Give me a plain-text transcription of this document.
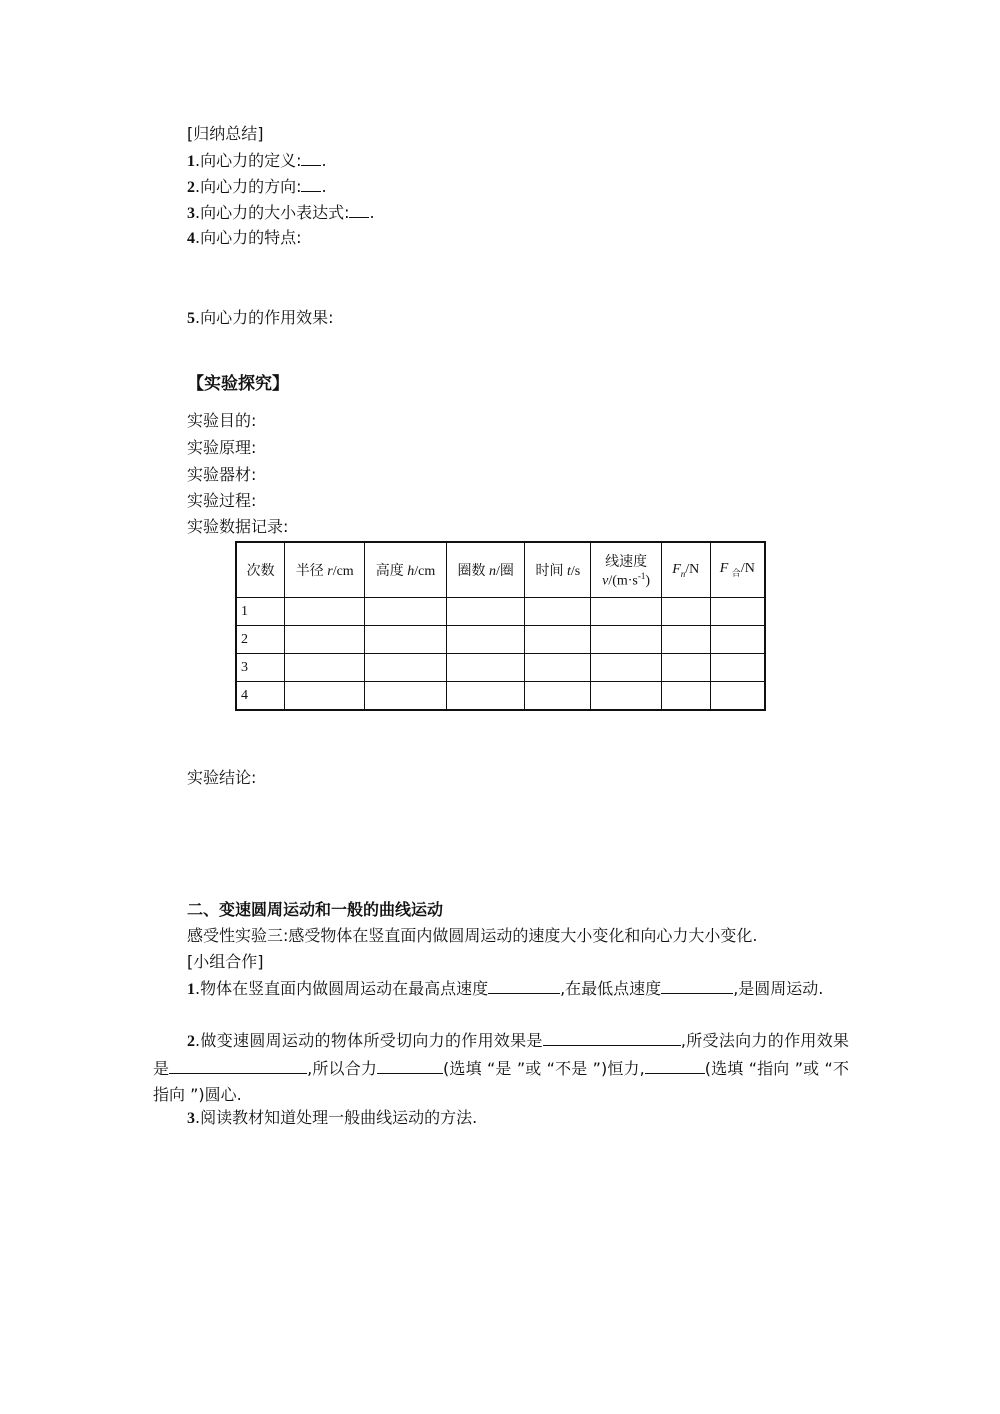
[归纳总结]
1.向心力的定义: .
2.向心力的方向: .
3.向心力的大小表达式: .
4.向心力的特点:
5.向心力的作用效果:
【实验探究】
实验目的:
实验原理:
实验器材:
实验过程:
实验数据记录:
次数	半径 r/cm	高度 h/cm	圈数 n/圈	时间 t/s	线速度
$v/(m\cdot s^{-1})$	$F_n/N$	F $_合$/N
1							
2							
3							
4							
实验结论:
二、变速圆周运动和一般的曲线运动
感受性实验三:感受物体在竖直面内做圆周运动的速度大小变化和向心力大小变化.
[小组合作]
1.物体在竖直面内做圆周运动在最高点速度	,在最低点速度	,是圆周运动.
2.做变速圆周运动的物体所受切向力的作用效果是	,所受法向力的作用效果是	,所以合力	(选填 “是 ”或 “不是 ”)恒力,	(选填 “指向 ”或 “不指向 ”)圆心.
3.阅读教材知道处理一般曲线运动的方法.
